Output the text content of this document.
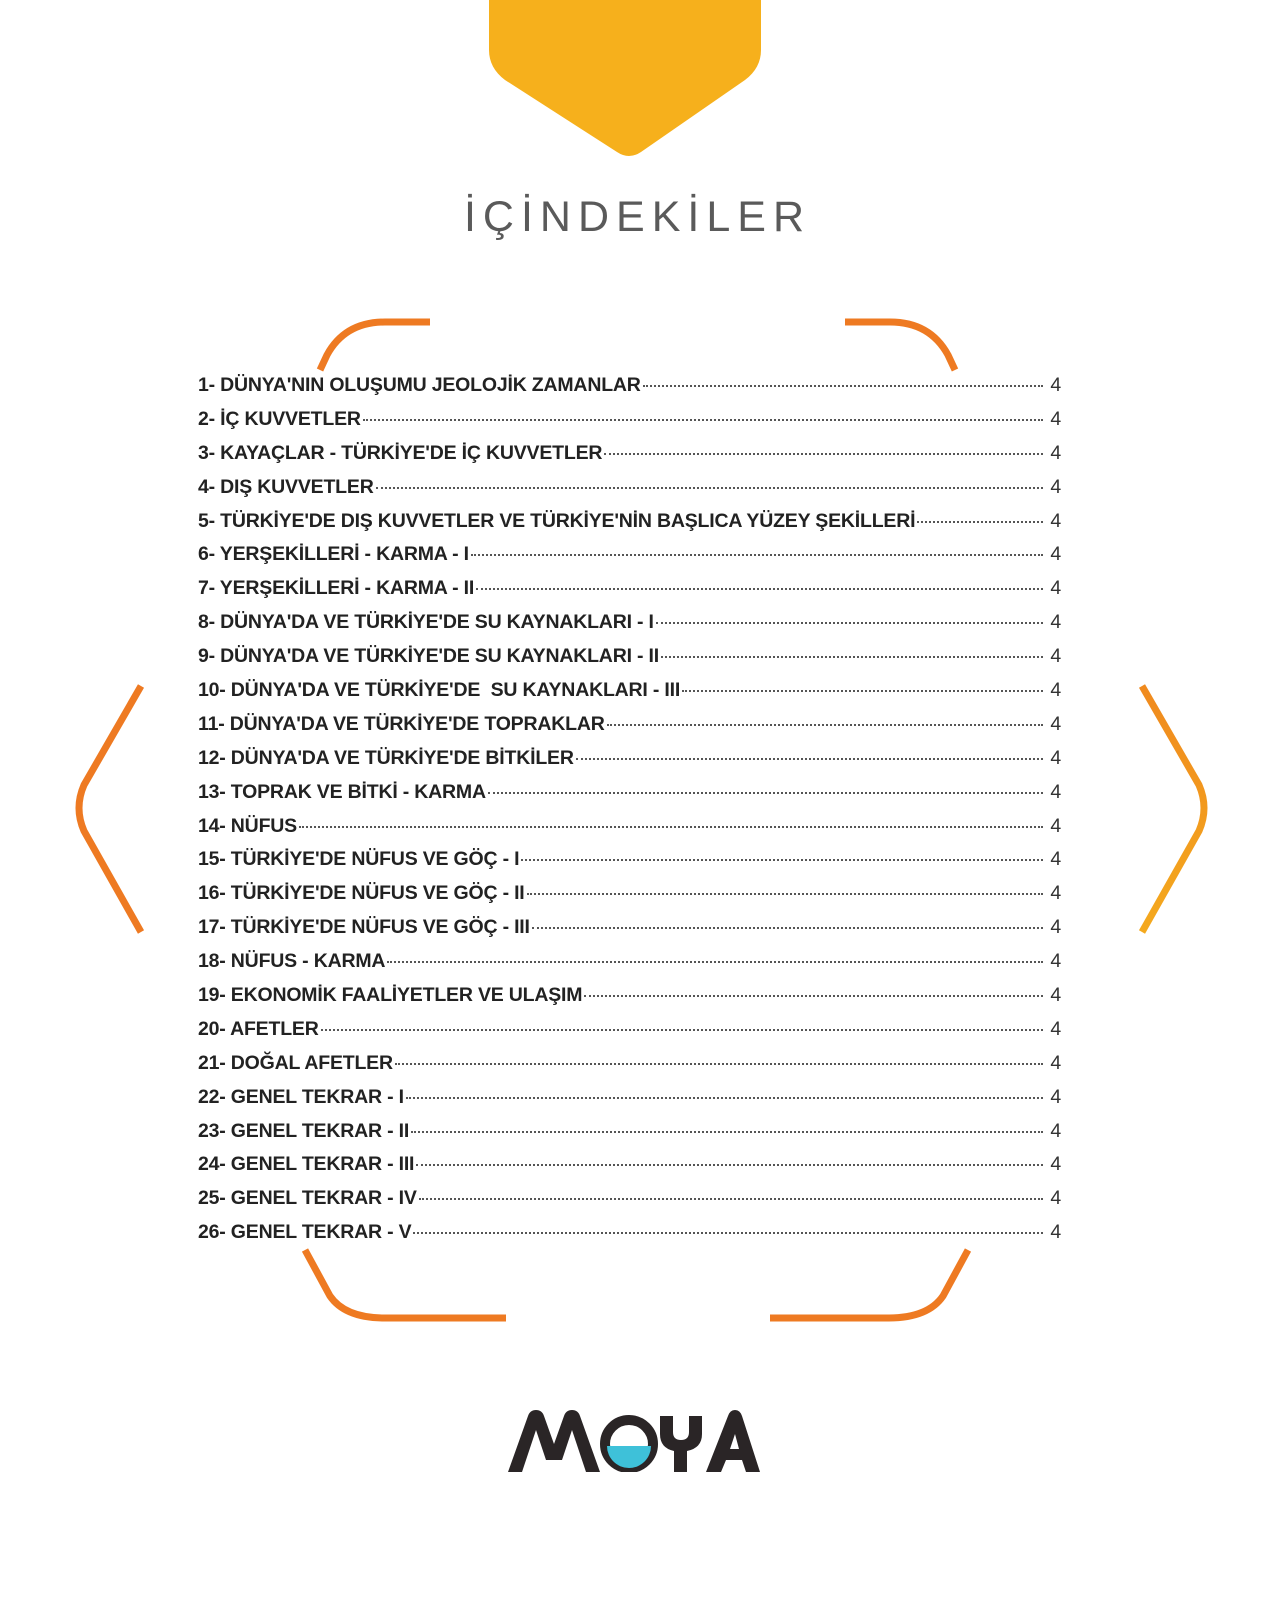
İÇİNDEKİLER
1- DÜNYA'NIN OLUŞUMU JEOLOJİK ZAMANLAR	4
2- İÇ KUVVETLER	4
3- KAYAÇLAR - TÜRKİYE'DE İÇ KUVVETLER	4
4- DIŞ KUVVETLER	4
5- TÜRKİYE'DE DIŞ KUVVETLER VE TÜRKİYE'NİN BAŞLICA YÜZEY ŞEKİLLERİ	4
6- YERŞEKİLLERİ - KARMA - I	4
7- YERŞEKİLLERİ - KARMA - II	4
8- DÜNYA'DA VE TÜRKİYE'DE SU KAYNAKLARI - I	4
9- DÜNYA'DA VE TÜRKİYE'DE SU KAYNAKLARI - II	4
10- DÜNYA'DA VE TÜRKİYE'DE  SU KAYNAKLARI - III	4
11- DÜNYA'DA VE TÜRKİYE'DE TOPRAKLAR	4
12- DÜNYA'DA VE TÜRKİYE'DE BİTKİLER	4
13- TOPRAK VE BİTKİ - KARMA	4
14- NÜFUS	4
15- TÜRKİYE'DE NÜFUS VE GÖÇ - I	4
16- TÜRKİYE'DE NÜFUS VE GÖÇ - II	4
17- TÜRKİYE'DE NÜFUS VE GÖÇ - III	4
18- NÜFUS - KARMA	4
19- EKONOMİK FAALİYETLER VE ULAŞIM	4
20- AFETLER	4
21- DOĞAL AFETLER	4
22- GENEL TEKRAR - I	4
23- GENEL TEKRAR - II	4
24- GENEL TEKRAR - III	4
25- GENEL TEKRAR - IV	4
26- GENEL TEKRAR - V	4
